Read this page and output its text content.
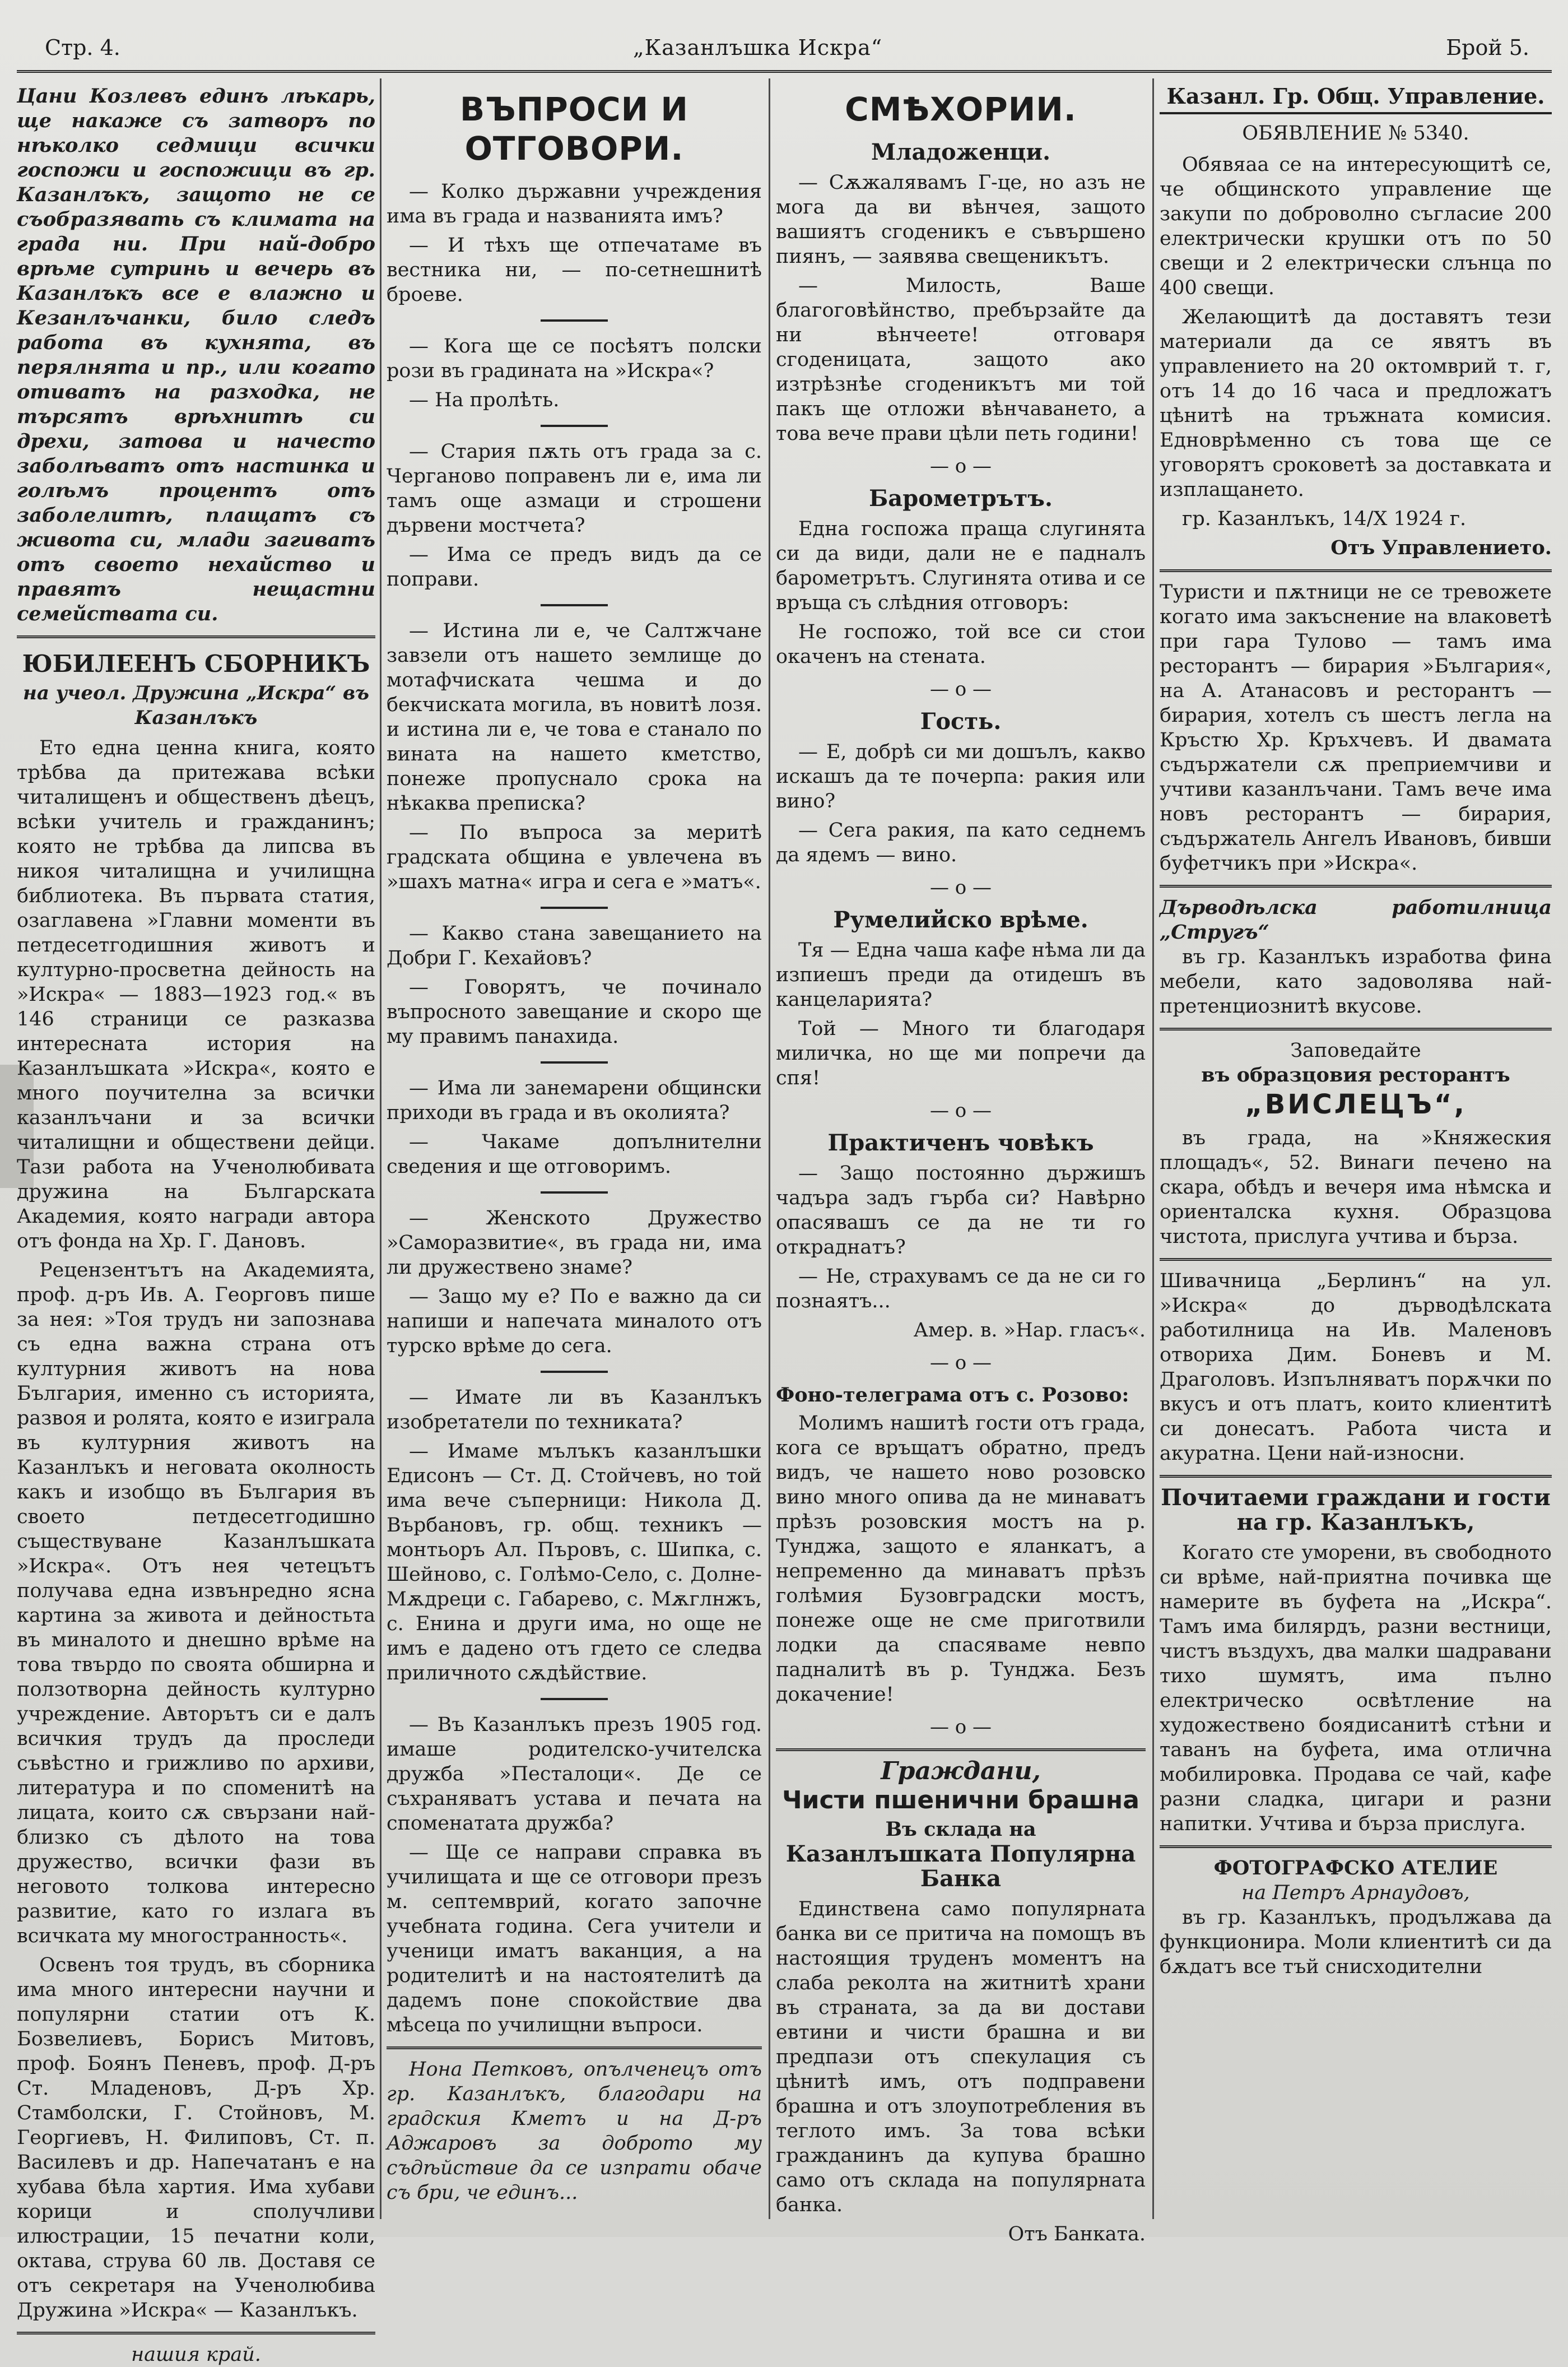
Стр. 4.	„Казанлъшка Искра“	Брой 5.

Цани Козлевъ единъ лѣкарь, ще накаже съ затворъ по нѣколко седмици всички госпожи и госпожици въ гр. Казанлъкъ, защото не се съобразявать съ климата на града ни. При най-добро врѣме сутринь и вечерь въ Казанлъкъ все е влажно и Кeзанлъчанки, било следъ работа въ кухнята, въ перялнята и пр., или когато отиватъ на разходка, не търсятъ врѣхнитѣ си дрехи, затова и начесто заболѣватъ отъ настинка и голѣмъ процентъ отъ заболелитѣ, плащатъ съ живота си, млади загиватъ отъ своето нехайство и правятъ нещастни семействата си.

ЮБИЛЕЕНЪ СБОРНИКЪ
на учеол. Дружина „Искра“ въ Казанлъкъ

Ето една ценна книга, която трѣбва да притежава всѣки читалищенъ и общественъ дѣецъ, всѣки учитель и гражданинъ; която не трѣбва да липсва въ никоя читалищна и училищна библиотека. Въ първата статия, озаглавена »Главни моменти въ петдесетгодишния животъ и културно-просветна дейность на »Искра« — 1883—1923 год.« въ 146 страници се разказва интересната история на Казанлъшката »Искра«, която е много поучителна за всички казанлъчани и за всички читалищни и обществени дейци. Тази работа на Ученолюбивата дружина на Българската Академия, която награди автора отъ фонда на Хр. Г. Дановъ.

Рецензентътъ на Академията, проф. д-ръ Ив. А. Георговъ пише за нея: »Тоя трудъ ни запознава съ една важна страна отъ културния животъ на нова България, именно съ историята, развоя и ролята, която е изиграла въ културния животъ на Казанлъкъ и неговата околность какъ и изобщо въ България въ своето петдесетгодишно съществуване Казанлъшката »Искра«. Отъ нея четецътъ получава една извънредно ясна картина за живота и дейностьта въ миналото и днешно врѣме на това твърдо по своята обширна и ползотворна дейность културно учреждение. Авторътъ си е далъ всичкия трудъ да проследи съвѣстно и грижливо по архиви, литература и по споменитѣ на лицата, които сѫ свързани най-близко съ дѣлото на това дружество, всички фази въ неговото толкова интересно развитие, като го излага въ всичката му многостранность«.

Освенъ тоя трудъ, въ сборника има много интересни научни и популярни статии отъ К. Бозвелиевъ, Борисъ Митовъ, проф. Боянъ Пеневъ, проф. Д-ръ Ст. Младеновъ, Д-ръ Хр. Стамболски, Г. Стойновъ, М. Георгиевъ, Н. Филиповъ, Ст. п. Василевъ и др. Напечатанъ е на хубава бѣла хартия. Има хубави корици и сполучливи илюстрации, 15 печатни коли, октава, струва 60 лв. Доставя се отъ секретаря на Ученолюбива Дружина »Искра« — Казанлъкъ.

нашия край.
ВЪПРОСИ И ОТГОВОРИ.

— Колко държавни учреждения има въ града и названията имъ?

— И тѣхъ ще отпечатаме въ вестника ни, — по-сетнешнитѣ броеве.

— Кога ще се посѣятъ полски рози въ градината на »Искра«?

— На пролѣть.

— Стария пѫть отъ града за с. Черганово поправенъ ли е, има ли тамъ още азмаци и строшени дървени мостчета?

— Има се предъ видъ да се поправи.

— Истина ли е, че Салтжчане завзели отъ нашето землище до мотафчиската чешма и до бекчиската могила, въ новитѣ лозя. и истина ли е, че това е станало по вината на нашето кметство, понеже пропуснало срока на нѣкаква преписка?

— По въпроса за меритѣ градската община е увлечена въ »шахъ матна« игра и сега е »матъ«.

— Какво стана завещанието на Добри Г. Кехайовъ?

— Говорятъ, че починало въпросното завещание и скоро ще му правимъ панахида.

— Има ли занемарени общински приходи въ града и въ околията?

— Чакаме допълнителни сведения и ще отговоримъ.

— Женското Дружество »Саморазвитие«, въ града ни, има ли дружествено знаме?

— Защо му е? По е важно да си напиши и напечата миналото отъ турско врѣме до сега.

— Имате ли въ Казанлъкъ изобретатели по техниката?

— Имаме мълъкъ казанлъшки Едисонъ — Ст. Д. Стойчевъ, но той има вече съперници: Никола Д. Върбановъ, гр. общ. техникъ — монтьоръ Ал. Пъровъ, с. Шипка, с. Шейново, с. Голѣмо-Село, с. Долне-Мѫдреци с. Габарево, с. Мѫглнжъ, с. Енина и други има, но още не имъ е дадено отъ гдето се следва приличното сѫдѣйствие.

— Въ Казанлъкъ презъ 1905 год. имаше родителско-учителска дружба »Песталоци«. Де се съхраняватъ устава и печата на споменатата дружба?

— Ще се направи справка въ училищата и ще се отговори презъ м. септемврий, когато започне учебната година. Сега учители и ученици иматъ ваканция, а на родителитѣ и на настоятелитѣ да дадемъ поне спокойствие два мѣсеца по училищни въпроси.

Нона Петковъ, опълченецъ отъ гр. Казанлъкъ, благодари на градския Кметъ и на Д-ръ Аджаровъ за доброто му съдѣйствие да се изпрати обаче съ бри, че единъ...

СМѢХОРИИ.
Младоженци.

— Сѫжалявамъ Г-це, но азъ не мога да ви вѣнчея, защото вашиятъ сгоденикъ е съвършено пиянъ, — заявява свещеникътъ.

— Милость, Ваше благоговѣйнство, пребързайте да ни вѣнчеете! отговаря сгоденицата, защото ако изтрѣзнѣе сгоденикътъ ми той пакъ ще отложи вѣнчаването, а това вече прави цѣли петь години!

— о —
Барометрътъ.

Една госпожа праща слугинята си да види, дали не е падналъ барометрътъ. Слугинята отива и се връща съ слѣдния отговоръ:

Не госпожо, той все си стои окаченъ на стената.

— о —
Гость.

— Е, добрѣ си ми дошълъ, какво искашъ да те почерпа: ракия или вино?

— Сега ракия, па като седнемъ да ядемъ — вино.

— о —
Румелийско врѣме.

Тя — Една чаша кафе нѣма ли да изпиешъ преди да отидешъ въ канцеларията?

Той — Много ти благодаря миличка, но ще ми попречи да спя!

— о —
Практиченъ човѣкъ

— Защо постоянно държишъ чадъра задъ гърба си? Навѣрно опасявашъ се да не ти го откраднатъ?

— Не, страхувамъ се да не си го познаятъ...

Амер. в. »Нар. гласъ«.
— о —
Фоно-телеграма отъ с. Розово:

Молимъ нашитѣ гости отъ града, кога се връщатъ обратно, предъ видъ, че нашето ново розовско вино много опива да не минаватъ прѣзъ розовския мостъ на р. Тунджа, защото е яланкатъ, а непременно да минаватъ прѣзъ голѣмия Бузовградски мостъ, понеже още не сме приготвили лодки да спасяваме невпо падналитѣ въ р. Тунджа. Безъ докачение!

— о —
Граждани,
Чисти пшенични брашна
Въ склада на
Казанлъшката Популярна Банка

Единствена само популярната банка ви се притича на помощъ въ настоящия труденъ моментъ на слаба реколта на житнитѣ храни въ страната, за да ви достави евтини и чисти брашна и ви предпази отъ спекулация съ цѣнитѣ имъ, отъ подправени брашна и отъ злоупотребления въ теглото имъ. За това всѣки гражданинъ да купува брашно само отъ склада на популярната банка.

Отъ Банката.
Казанл. Гр. Общ. Управление.
ОБЯВЛЕНИЕ № 5340.

Обявяаа се на интересующитѣ се, че общинското управление ще закупи по доброволно съгласие 200 електрически крушки отъ по 50 свещи и 2 електрически слънца по 400 свещи.

Желающитѣ да доставятъ тези материали да се явятъ въ управлението на 20 октомврий т. г, отъ 14 до 16 часа и предложатъ цѣнитѣ на тръжната комисия. Едноврѣменно съ това ще се уговорятъ сроковетѣ за доставката и изплащането.

гр. Казанлъкъ, 14/X 1924 г.

Отъ Управлението.

Туристи и пѫтници не се тревожете когато има закъснение на влаковетѣ при гара Тулово — тамъ има ресторантъ — бирария »България«, на А. Атанасовъ и ресторантъ — бирария, хотелъ съ шестъ легла на Кръстю Хр. Кръхчевъ. И двамата съдържатели сѫ прeприемчиви и учтиви казанлъчани. Тамъ вече има новъ ресторантъ — бирария, съдържатель Ангелъ Ивановъ, бивши буфетчикъ при »Искра«.

Дърводѣлска работилница „Стругъ“

въ гр. Казанлъкъ изработва фина мебели, като задоволява най-претенциознитѣ вкусове.

Заповедайте
въ образцовия ресторантъ
„ВИСЛЕЦЪ“,

въ града, на »Княжеския площадъ«, 52. Винаги печено на скара, обѣдъ и вечеря има нѣмска и ориенталска кухня. Образцова чистота, прислуга учтива и бърза.

Шивачница „Берлинъ“ на ул. »Искра« до дърводѣлската работилница на Ив. Маленовъ отвориха Дим. Боневъ и М. Драголовъ. Изпълняватъ порѫчки по вкусъ и отъ платъ, които клиентитѣ си донесатъ. Работа чиста и акуратна. Цени най-износни.

Почитаеми граждани и гости на гр. Казанлъкъ,

Когато сте уморени, въ свободното си врѣме, най-приятна почивка ще намерите въ буфета на „Искра“. Тамъ има билярдъ, разни вестници, чистъ въздухъ, два малки шадравани тихо шумятъ, има пълно електрическо освѣтление на художествено боядисанитѣ стѣни и таванъ на буфета, има отлична мобилировка. Продава се чай, кафе разни сладка, цигари и разни напитки. Учтива и бърза прислуга.

ФОТОГРАФСКО АТЕЛИЕ
на Петръ Арнаудовъ,

въ гр. Казанлъкъ, продължава да функционира. Моли клиентитѣ си да бѫдатъ все тъй снисходителни
